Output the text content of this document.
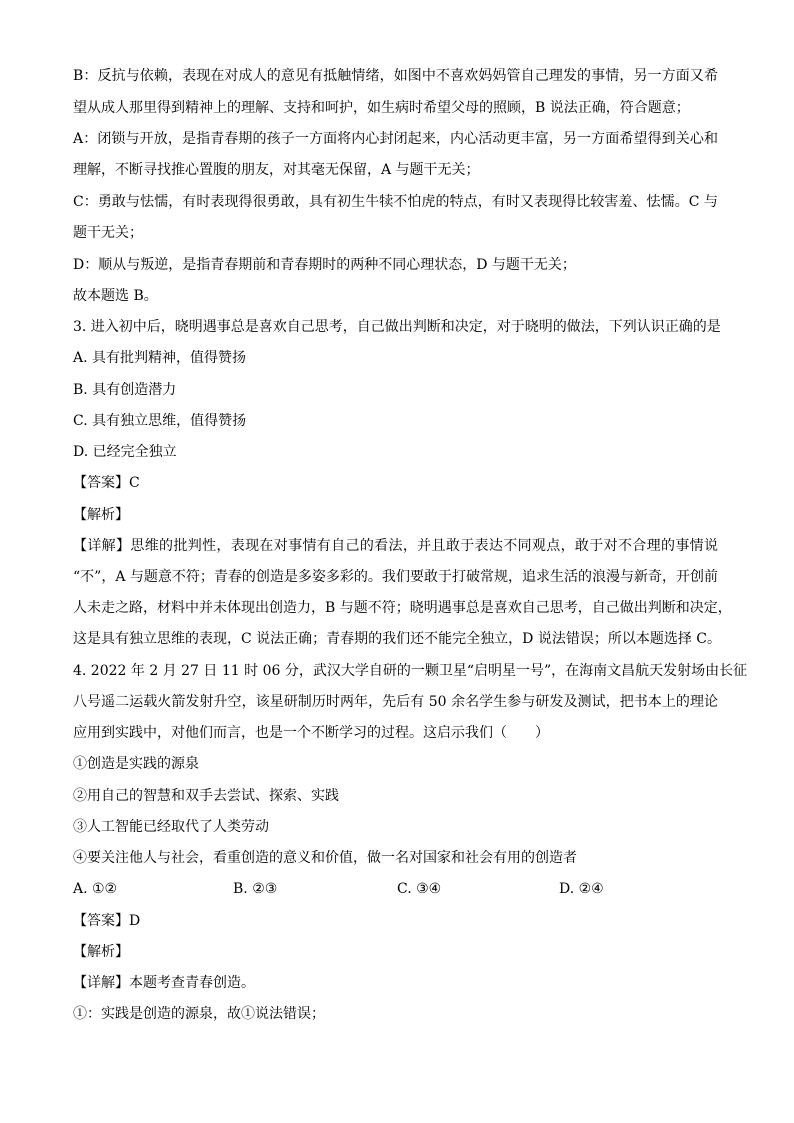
B：反抗与依赖，表现在对成人的意见有抵触情绪，如图中不喜欢妈妈管自己理发的事情，另一方面又希
望从成人那里得到精神上的理解、支持和呵护，如生病时希望父母的照顾，B 说法正确，符合题意；
A：闭锁与开放，是指青春期的孩子一方面将内心封闭起来，内心活动更丰富，另一方面希望得到关心和
理解，不断寻找推心置腹的朋友，对其毫无保留，A 与题干无关；
C：勇敢与怯懦，有时表现得很勇敢，具有初生牛犊不怕虎的特点，有时又表现得比较害羞、怯懦。C 与
题干无关；
D：顺从与叛逆，是指青春期前和青春期时的两种不同心理状态，D 与题干无关；
故本题选 B。
3. 进入初中后，晓明遇事总是喜欢自己思考，自己做出判断和决定，对于晓明的做法，下列认识正确的是
A. 具有批判精神，值得赞扬
B. 具有创造潜力
C. 具有独立思维，值得赞扬
D. 已经完全独立
【答案】C
【解析】
【详解】思维的批判性，表现在对事情有自己的看法，并且敢于表达不同观点，敢于对不合理的事情说
“不”，A 与题意不符；青春的创造是多姿多彩的。我们要敢于打破常规，追求生活的浪漫与新奇，开创前
人未走之路，材料中并未体现出创造力，B 与题不符；晓明遇事总是喜欢自己思考，自己做出判断和决定，
这是具有独立思维的表现，C 说法正确；青春期的我们还不能完全独立，D 说法错误；所以本题选择 C。
4. 2022 年 2 月 27 日 11 时 06 分，武汉大学自研的一颗卫星“启明星一号”，在海南文昌航天发射场由长征
八号遥二运载火箭发射升空，该星研制历时两年，先后有 50 余名学生参与研发及测试，把书本上的理论
应用到实践中，对他们而言，也是一个不断学习的过程。这启示我们（　　）
①创造是实践的源泉
②用自己的智慧和双手去尝试、探索、实践
③人工智能已经取代了人类劳动
④要关注他人与社会，看重创造的意义和价值，做一名对国家和社会有用的创造者
A. ①②	B. ②③	C. ③④	D. ②④
【答案】D
【解析】
【详解】本题考查青春创造。
①：实践是创造的源泉，故①说法错误；
